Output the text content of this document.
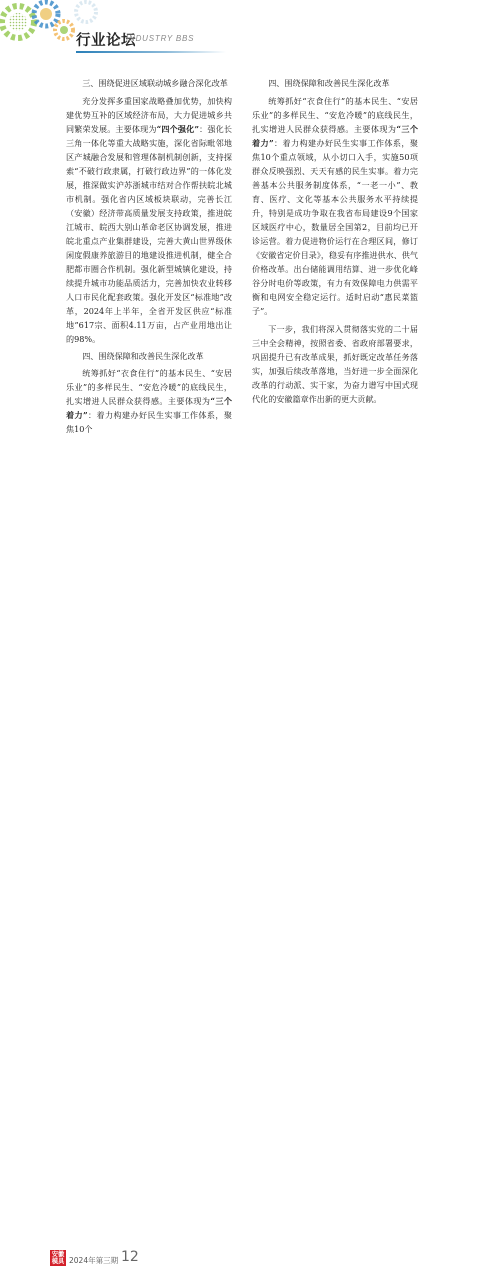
行业论坛
INDUSTRY BBS
三、围绕促进区域联动城乡融合深化改革

充分发挥多重国家战略叠加优势，加快构建优势互补的区域经济布局，大力促进城乡共同繁荣发展。主要体现为“四个强化”：强化长三角一体化等重大战略实施，深化省际毗邻地区产城融合发展和管理体制机制创新，支持探索“不破行政隶属，打破行政边界”的一体化发展，推深做实沪苏浙城市结对合作帮扶皖北城市机制。强化省内区域板块联动，完善长江（安徽）经济带高质量发展支持政策，推进皖江城市、皖西大别山革命老区协调发展，推进皖北重点产业集群建设，完善大黄山世界级休闲度假康养旅游目的地建设推进机制，健全合肥都市圈合作机制。强化新型城镇化建设，持续提升城市功能品质活力，完善加快农业转移人口市民化配套政策。强化开发区“标准地”改革，2024年上半年，全省开发区供应“标准地”617宗、面积4.11万亩，占产业用地出让的98%。

四、围绕保障和改善民生深化改革

统筹抓好“衣食住行”的基本民生、“安居乐业”的多样民生、“安危冷暖”的底线民生，扎实增进人民群众获得感。主要体现为“三个着力”：着力构建办好民生实事工作体系，聚焦10个

四、围绕保障和改善民生深化改革

统筹抓好“衣食住行”的基本民生、“安居乐业”的多样民生、“安危冷暖”的底线民生，扎实增进人民群众获得感。主要体现为“三个着力”：着力构建办好民生实事工作体系，聚焦10个重点领域，从小切口入手，实施50项群众反映强烈、天天有感的民生实事。着力完善基本公共服务制度体系，“一老一小”、教育、医疗、文化等基本公共服务水平持续提升，特别是成功争取在我省布局建设9个国家区域医疗中心，数量居全国第2，目前均已开诊运营。着力促进物价运行在合理区间，修订《安徽省定价目录》，稳妥有序推进供水、供气价格改革。出台储能调用结算、进一步优化峰谷分时电价等政策，有力有效保障电力供需平衡和电网安全稳定运行。适时启动“惠民菜篮子”。

下一步，我们将深入贯彻落实党的二十届三中全会精神，按照省委、省政府部署要求，巩固提升已有改革成果，抓好既定改革任务落实，加强后续改革落地，当好进一步全面深化改革的行动派、实干家，为奋力谱写中国式现代化的安徽篇章作出新的更大贡献。

安徽
模具 2024年第三期 12
